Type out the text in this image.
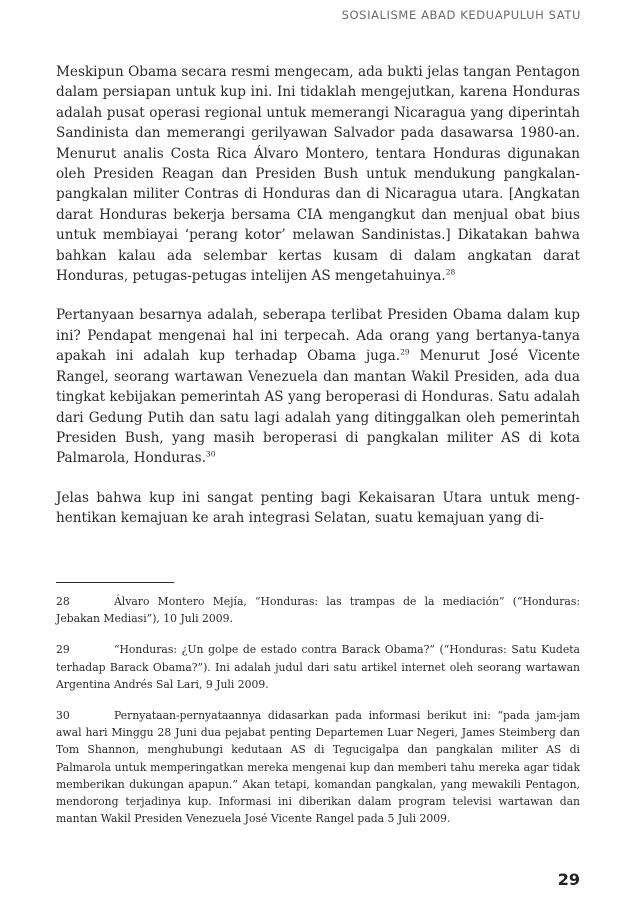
SOSIALISME ABAD KEDUAPULUH SATU

Meskipun Obama secara resmi mengecam, ada bukti jelas tangan Pentagon dalam persiapan untuk kup ini. Ini tidaklah mengejutkan, karena Honduras adalah pusat operasi regional untuk memerangi Nicaragua yang diperintah Sandinista dan memerangi gerilyawan Salvador pada dasawarsa 1980-an. Menurut analis Costa Rica Álvaro Montero, tentara Honduras digunakan oleh Presiden Reagan dan Presiden Bush untuk mendukung pangkalan-pangkalan militer Contras di Honduras dan di Nicaragua utara. [Angkatan darat Honduras bekerja bersama CIA mengangkut dan menjual obat bius untuk membiayai ‘perang kotor’ melawan Sandinistas.] Dikatakan bahwa bahkan kalau ada selembar kertas kusam di dalam angkatan darat Honduras, petugas-petugas intelijen AS mengetahuinya.$^{28}$

Pertanyaan besarnya adalah, seberapa terlibat Presiden Obama dalam kup ini? Pendapat mengenai hal ini terpecah. Ada orang yang bertanya-tanya apakah ini adalah kup terhadap Obama juga.$^{29}$ Menurut José Vicente Rangel, seorang wartawan Venezuela dan mantan Wakil Presiden, ada dua tingkat kebijakan pemerintah AS yang beroperasi di Honduras. Satu adalah dari Gedung Putih dan satu lagi adalah yang ditinggalkan oleh pemerintah Presiden Bush, yang masih beroperasi di pangkalan militer AS di kota Palmarola, Honduras.$^{30}$

Jelas bahwa kup ini sangat penting bagi Kekaisaran Utara untuk menghentikan kemajuan ke arah integrasi Selatan, suatu kemajuan yang di-

28	Álvaro Montero Mejía, “Honduras: las trampas de la mediación” (“Honduras: Jebakan Mediasi”), 10 Juli 2009.
29	“Honduras: ¿Un golpe de estado contra Barack Obama?” (“Honduras: Satu Kudeta terhadap Barack Obama?”). Ini adalah judul dari satu artikel internet oleh seorang wartawan Argentina Andrés Sal Lari, 9 Juli 2009.
30	Pernyataan-pernyataannya didasarkan pada informasi berikut ini: “pada jam-jam awal hari Minggu 28 Juni dua pejabat penting Departemen Luar Negeri, James Steimberg dan Tom Shannon, menghubungi kedutaan AS di Tegucigalpa dan pangkalan militer AS di Palmarola untuk memperingatkan mereka mengenai kup dan memberi tahu mereka agar tidak memberikan dukungan apapun.” Akan tetapi, komandan pangkalan, yang mewakili Pentagon, mendorong terjadinya kup. Informasi ini diberikan dalam program televisi wartawan dan mantan Wakil Presiden Venezuela José Vicente Rangel pada 5 Juli 2009.
29
